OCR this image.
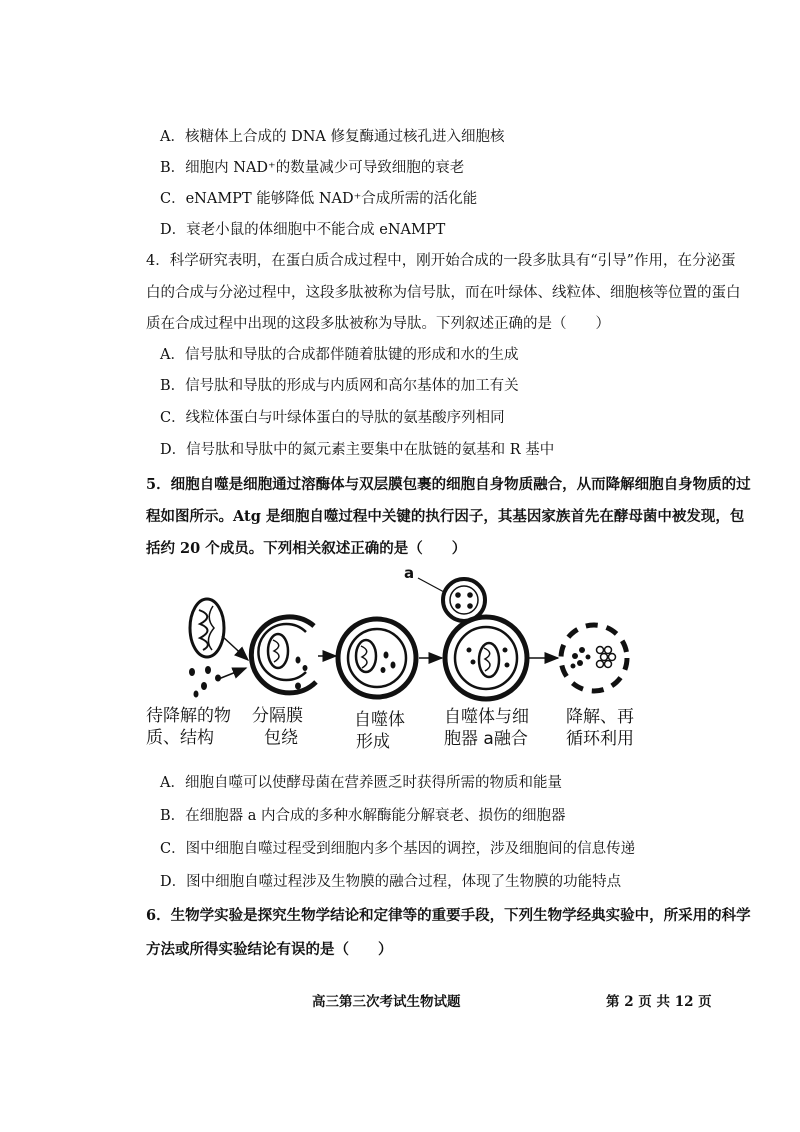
A．核糖体上合成的 DNA 修复酶通过核孔进入细胞核
B．细胞内 NAD⁺的数量减少可导致细胞的衰老
C．eNAMPT 能够降低 NAD⁺合成所需的活化能
D．衰老小鼠的体细胞中不能合成 eNAMPT
4．科学研究表明，在蛋白质合成过程中，刚开始合成的一段多肽具有“引导”作用，在分泌蛋
白的合成与分泌过程中，这段多肽被称为信号肽，而在叶绿体、线粒体、细胞核等位置的蛋白
质在合成过程中出现的这段多肽被称为导肽。下列叙述正确的是（　　）
A．信号肽和导肽的合成都伴随着肽键的形成和水的生成
B．信号肽和导肽的形成与内质网和高尔基体的加工有关
C．线粒体蛋白与叶绿体蛋白的导肽的氨基酸序列相同
D．信号肽和导肽中的氮元素主要集中在肽链的氨基和 R 基中
5．细胞自噬是细胞通过溶酶体与双层膜包裹的细胞自身物质融合，从而降解细胞自身物质的过
程如图所示。Atg 是细胞自噬过程中关键的执行因子，其基因家族首先在酵母菌中被发现，包
括约 20 个成员。下列相关叙述正确的是（　　）
a
待降解的物
质、结构
分隔膜
包绕
自噬体
形成
自噬体与细
胞器 a融合
降解、再
循环利用
A．细胞自噬可以使酵母菌在营养匮乏时获得所需的物质和能量
B．在细胞器 a 内合成的多种水解酶能分解衰老、损伤的细胞器
C．图中细胞自噬过程受到细胞内多个基因的调控，涉及细胞间的信息传递
D．图中细胞自噬过程涉及生物膜的融合过程，体现了生物膜的功能特点
6．生物学实验是探究生物学结论和定律等的重要手段，下列生物学经典实验中，所采用的科学
方法或所得实验结论有误的是（　　）
高三第三次考试生物试题	第 2 页 共 12 页
